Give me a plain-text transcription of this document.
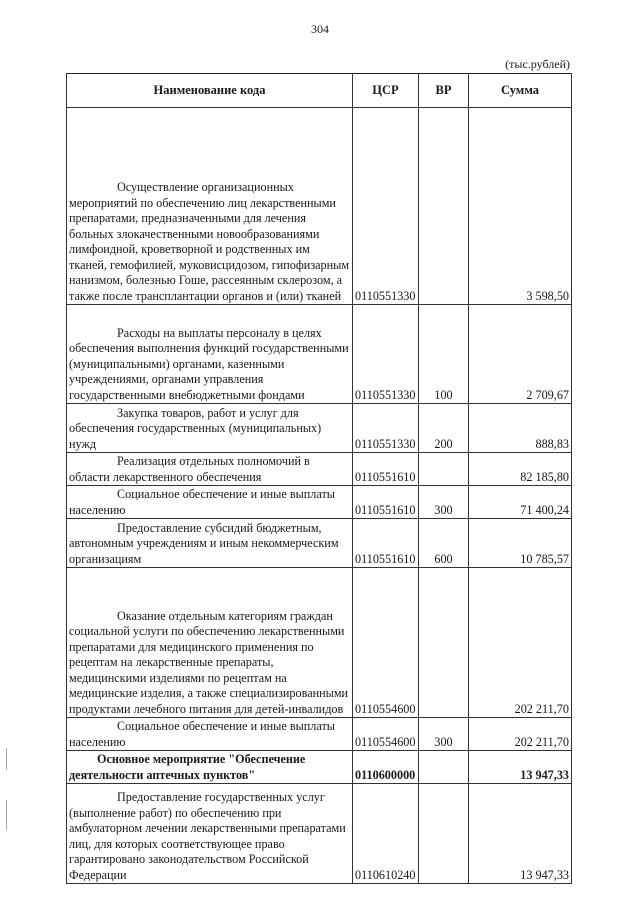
304
(тыс.рублей)
Наименование кода	ЦСР	ВР	Сумма
Осуществление организационных мероприятий по обеспечению лиц лекарственными препаратами, предназначенными для лечения больных злокачественными новообразованиями лимфоидной, кроветворной и родственных им тканей, гемофилией, муковисцидозом, гипофизарным нанизмом, болезнью Гоше, рассеянным склерозом, а также после трансплантации органов и (или) тканей	0110551330		3 598,50
Расходы на выплаты персоналу в целях обеспечения выполнения функций государственными (муниципальными) органами, казенными учреждениями, органами управления государственными внебюджетными фондами	0110551330	100	2 709,67
Закупка товаров, работ и услуг для обеспечения государственных (муниципальных) нужд	0110551330	200	888,83
Реализация отдельных полномочий в области лекарственного обеспечения	0110551610		82 185,80
Социальное обеспечение и иные выплаты населению	0110551610	300	71 400,24
Предоставление субсидий бюджетным, автономным учреждениям и иным некоммерческим организациям	0110551610	600	10 785,57
Оказание отдельным категориям граждан социальной услуги по обеспечению лекарственными препаратами для медицинского применения по рецептам на лекарственные препараты, медицинскими изделиями по рецептам на медицинские изделия, а также специализированными продуктами лечебного питания для детей-инвалидов	0110554600		202 211,70
Социальное обеспечение и иные выплаты населению	0110554600	300	202 211,70
Основное мероприятие "Обеспечение деятельности аптечных пунктов"	0110600000		13 947,33
Предоставление государственных услуг (выполнение работ) по обеспечению при амбулаторном лечении лекарственными препаратами лиц, для которых соответствующее право гарантировано законодательством Российской Федерации	0110610240		13 947,33
